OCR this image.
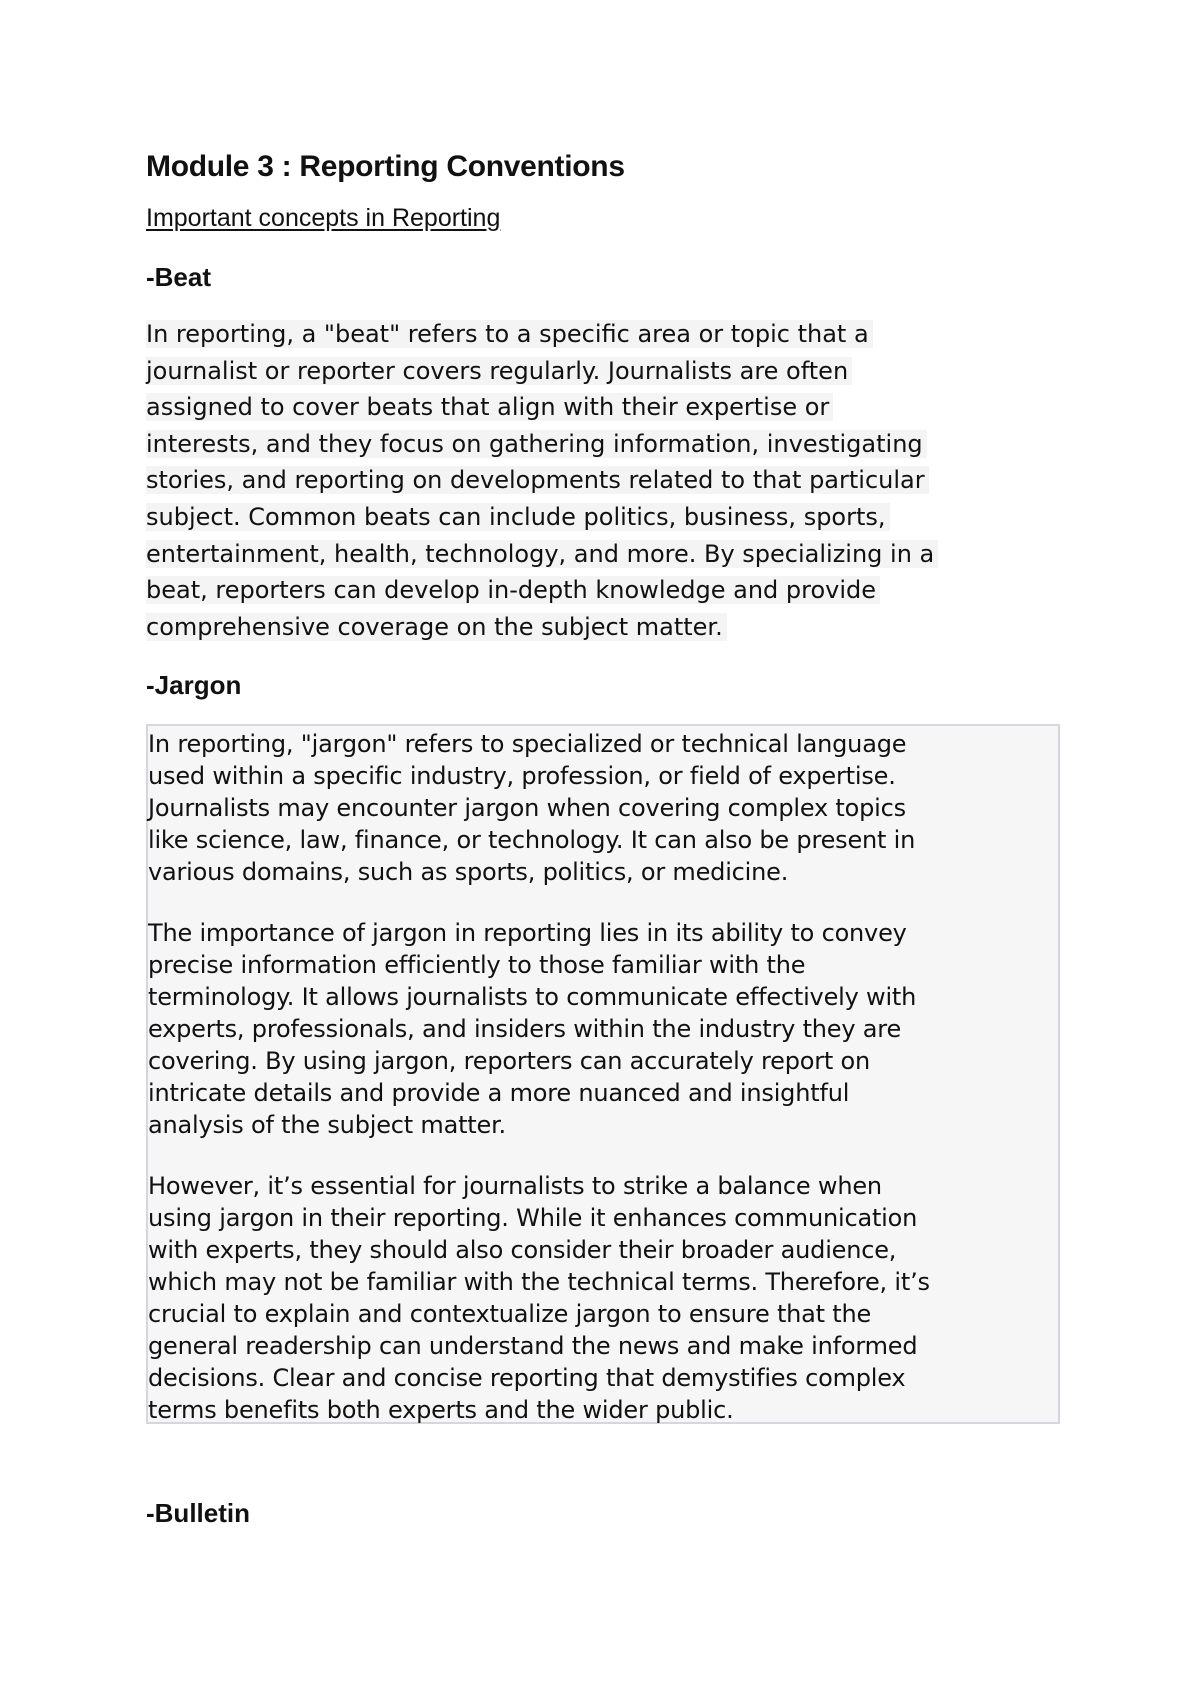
Module 3 : Reporting Conventions

Important concepts in Reporting

-Beat
In reporting, a "beat" refers to a specific area or topic that a
journalist or reporter covers regularly. Journalists are often
assigned to cover beats that align with their expertise or
interests, and they focus on gathering information, investigating
stories, and reporting on developments related to that particular
subject. Common beats can include politics, business, sports,
entertainment, health, technology, and more. By specializing in a
beat, reporters can develop in-depth knowledge and provide
comprehensive coverage on the subject matter.
-Jargon

In reporting, "jargon" refers to specialized or technical language
used within a specific industry, profession, or field of expertise.
Journalists may encounter jargon when covering complex topics
like science, law, finance, or technology. It can also be present in
various domains, such as sports, politics, or medicine.

The importance of jargon in reporting lies in its ability to convey
precise information efficiently to those familiar with the
terminology. It allows journalists to communicate effectively with
experts, professionals, and insiders within the industry they are
covering. By using jargon, reporters can accurately report on
intricate details and provide a more nuanced and insightful
analysis of the subject matter.

However, it’s essential for journalists to strike a balance when
using jargon in their reporting. While it enhances communication
with experts, they should also consider their broader audience,
which may not be familiar with the technical terms. Therefore, it’s
crucial to explain and contextualize jargon to ensure that the
general readership can understand the news and make informed
decisions. Clear and concise reporting that demystifies complex
terms benefits both experts and the wider public.

-Bulletin
